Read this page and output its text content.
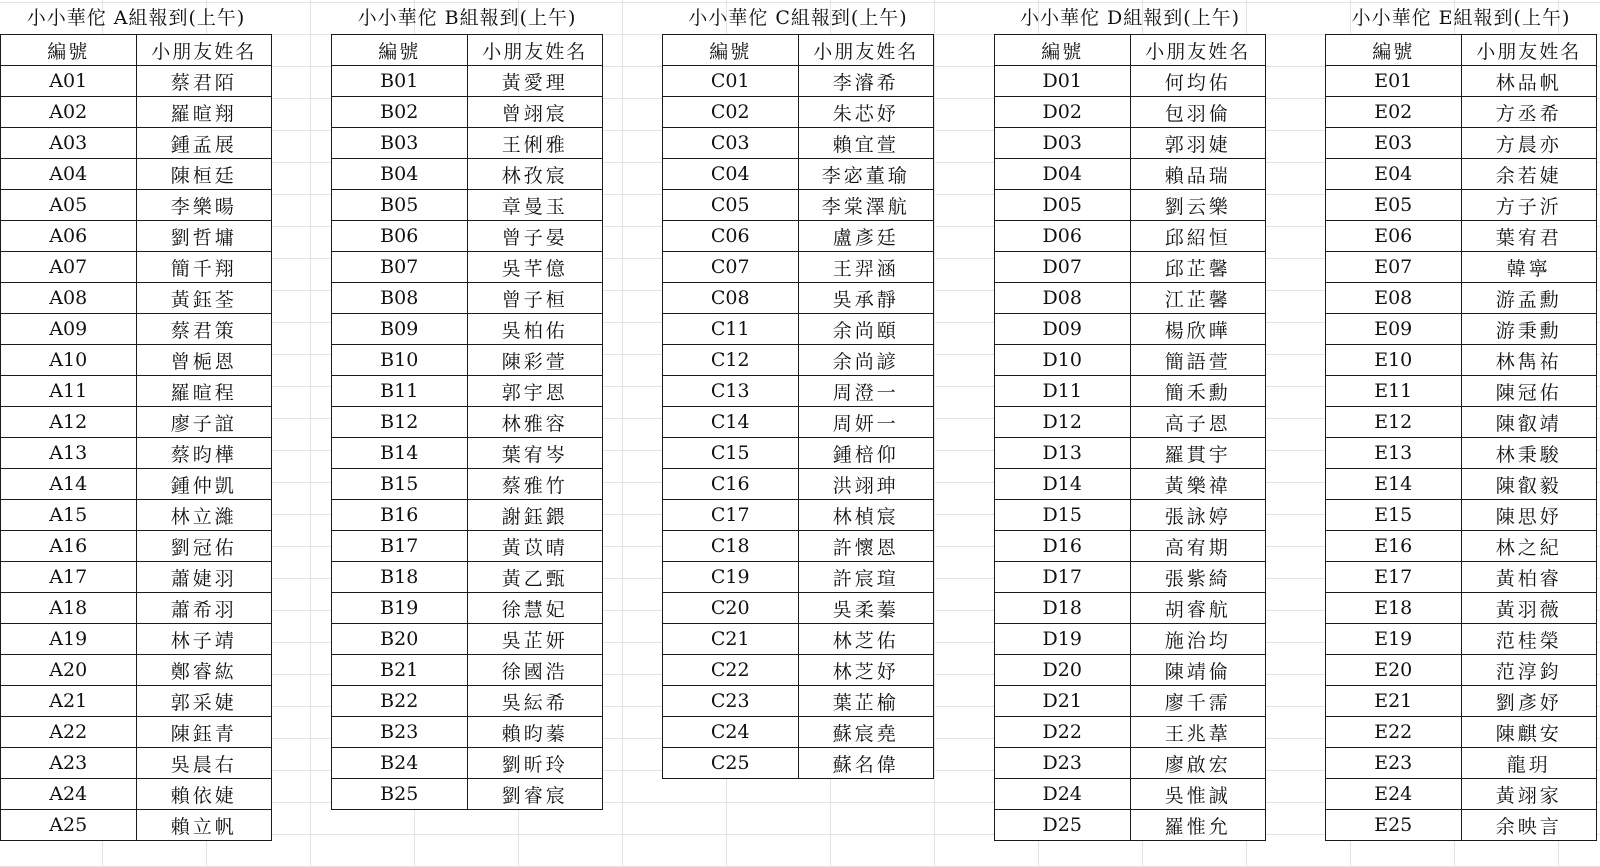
小小華佗 A組報到(上午)
編號	小朋友姓名
A01	蔡君陌
A02	羅暄翔
A03	鍾孟展
A04	陳桓廷
A05	李樂暘
A06	劉哲墉
A07	簡千翔
A08	黃鈺荃
A09	蔡君策
A10	曾梔恩
A11	羅暄程
A12	廖子誼
A13	蔡昀樺
A14	鍾仲凱
A15	林立濰
A16	劉冠佑
A17	蕭婕羽
A18	蕭希羽
A19	林子靖
A20	鄭睿紘
A21	郭采婕
A22	陳鈺青
A23	吳晨右
A24	賴依婕
A25	賴立帆
小小華佗 B組報到(上午)
編號	小朋友姓名
B01	黃愛理
B02	曾翊宸
B03	王俐雅
B04	林孜宸
B05	章曼玉
B06	曾子晏
B07	吳芊億
B08	曾子桓
B09	吳柏佑
B10	陳彩萱
B11	郭宇恩
B12	林雅容
B14	葉宥岑
B15	蔡雅竹
B16	謝鈺鍡
B17	黃苡晴
B18	黃乙甄
B19	徐慧妃
B20	吳芷妍
B21	徐國浩
B22	吳紜希
B23	賴昀蓁
B24	劉昕玲
B25	劉睿宸
小小華佗 C組報到(上午)
編號	小朋友姓名
C01	李濬希
C02	朱芯妤
C03	賴宜萱
C04	李宓董瑜
C05	李棠澤航
C06	盧彥廷
C07	王羿涵
C08	吳承靜
C11	余尚頤
C12	余尚諺
C13	周澄一
C14	周妍一
C15	鍾棓仰
C16	洪翊珅
C17	林楨宸
C18	許懷恩
C19	許宸瑄
C20	吳柔蓁
C21	林芝佑
C22	林芝妤
C23	葉芷榆
C24	蘇宸堯
C25	蘇名偉
小小華佗 D組報到(上午)
編號	小朋友姓名
D01	何均佑
D02	包羽倫
D03	郭羽婕
D04	賴品瑞
D05	劉云樂
D06	邱紹恒
D07	邱芷馨
D08	江芷馨
D09	楊欣曄
D10	簡語萱
D11	簡禾勳
D12	高子恩
D13	羅貫宇
D14	黃樂禕
D15	張詠婷
D16	高宥期
D17	張紫綺
D18	胡睿航
D19	施治均
D20	陳靖倫
D21	廖千霈
D22	王兆葦
D23	廖啟宏
D24	吳惟誠
D25	羅惟允
小小華佗 E組報到(上午)
編號	小朋友姓名
E01	林品帆
E02	方丞希
E03	方晨亦
E04	余若婕
E05	方子沂
E06	葉宥君
E07	韓寧
E08	游孟勳
E09	游秉勳
E10	林雋祐
E11	陳冠佑
E12	陳叡靖
E13	林秉駿
E14	陳叡毅
E15	陳思妤
E16	林之紀
E17	黃柏睿
E18	黃羽薇
E19	范桂榮
E20	范淳鈞
E21	劉彥妤
E22	陳麒安
E23	龍玥
E24	黃翊家
E25	余映言
